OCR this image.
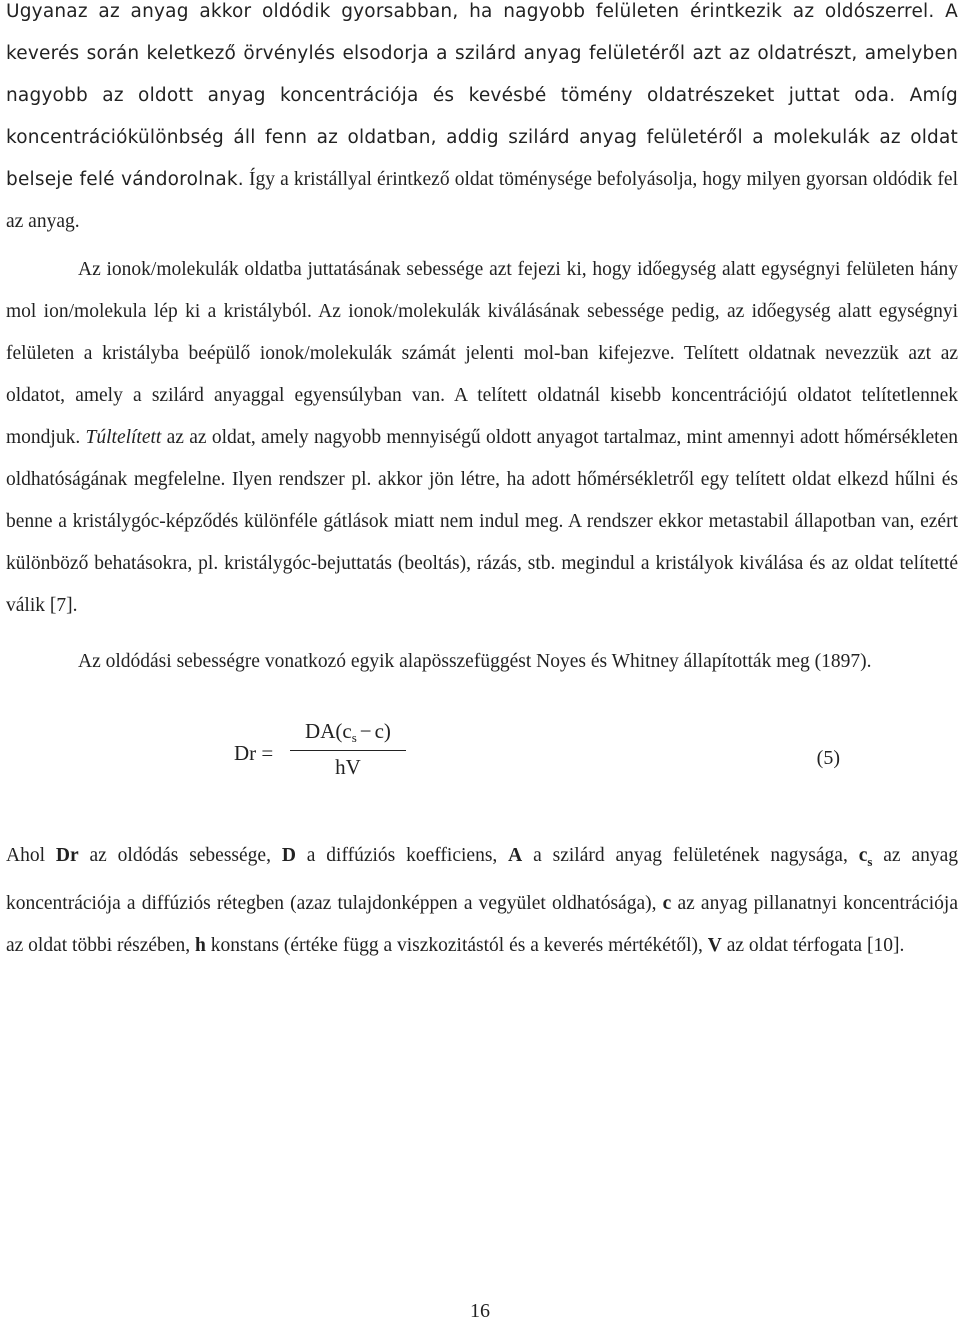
Ugyanaz az anyag akkor oldódik gyorsabban, ha nagyobb felületen érintkezik az oldószerrel. A keverés során keletkező örvénylés elsodorja a szilárd anyag felületéről azt az oldatrészt, amelyben nagyobb az oldott anyag koncentrációja és kevésbé tömény oldatrészeket juttat oda. Amíg koncentrációkülönbség áll fenn az oldatban, addig szilárd anyag felületéről a molekulák az oldat belseje felé vándorolnak. Így a kristállyal érintkező oldat töménysége befolyásolja, hogy milyen gyorsan oldódik fel az anyag.

Az ionok/molekulák oldatba juttatásának sebessége azt fejezi ki, hogy időegység alatt egységnyi felületen hány mol ion/molekula lép ki a kristályból. Az ionok/molekulák kiválásának sebessége pedig, az időegység alatt egységnyi felületen a kristályba beépülő ionok/molekulák számát jelenti mol-ban kifejezve. Telített oldatnak nevezzük azt az oldatot, amely a szilárd anyaggal egyensúlyban van. A telített oldatnál kisebb koncentrációjú oldatot telítetlennek mondjuk. Túltelített az az oldat, amely nagyobb mennyiségű oldott anyagot tartalmaz, mint amennyi adott hőmérsékleten oldhatóságának megfelelne. Ilyen rendszer pl. akkor jön létre, ha adott hőmérsékletről egy telített oldat elkezd hűlni és benne a kristálygóc-képződés különféle gátlások miatt nem indul meg. A rendszer ekkor metastabil állapotban van, ezért különböző behatásokra, pl. kristálygóc-bejuttatás (beoltás), rázás, stb. megindul a kristályok kiválása és az oldat telítetté válik [7].

Az oldódási sebességre vonatkozó egyik alapösszefüggést Noyes és Whitney állapították meg (1897).

Dr =
$DA(c_s - c)$
hV	(5)

Ahol Dr az oldódás sebessége, D a diffúziós koefficiens, A a szilárd anyag felületének nagysága, $c_s$ az anyag koncentrációja a diffúziós rétegben (azaz tulajdonképpen a vegyület oldhatósága), c az anyag pillanatnyi koncentrációja az oldat többi részében, h konstans (értéke függ a viszkozitástól és a keverés mértékétől), V az oldat térfogata [10].

16
